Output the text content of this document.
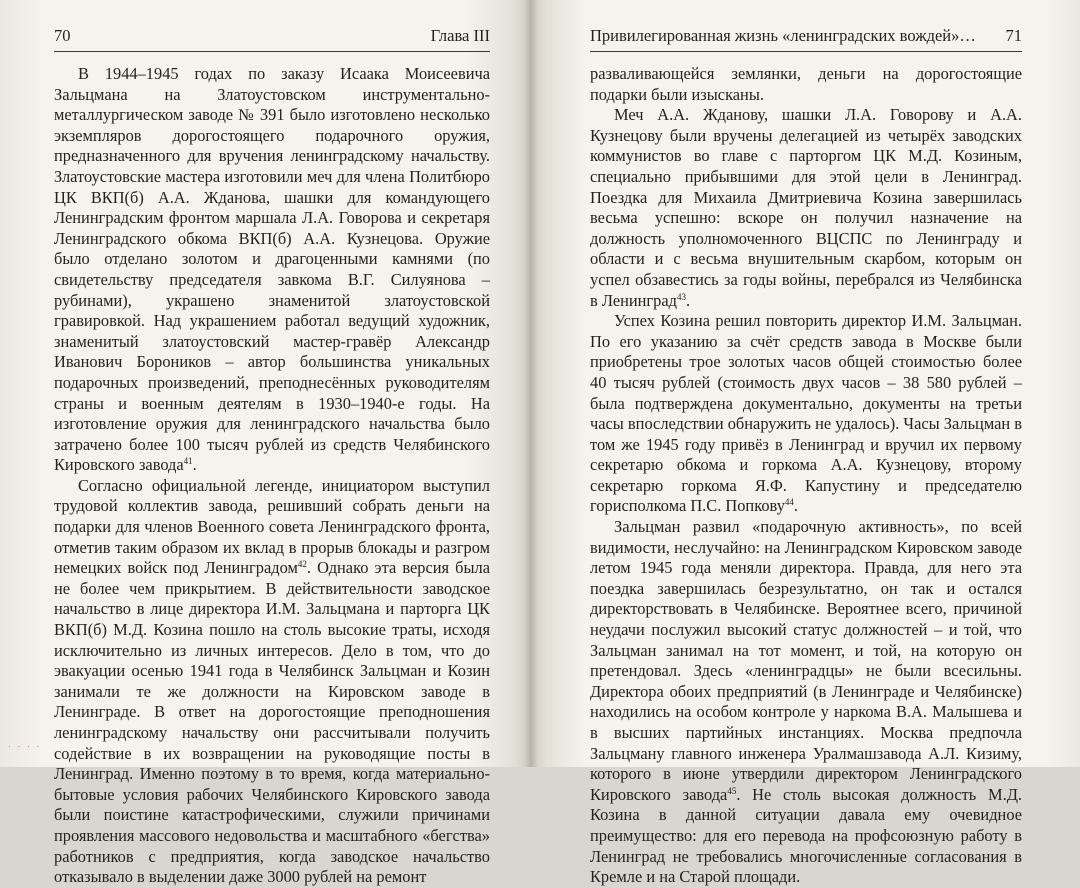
70	Глава III

В 1944–1945 годах по заказу Исаака Моисеевича Зальцмана на Златоустовском инструментально-металлургическом заводе № 391 было изготовлено несколько экземпляров дорогостоящего подарочного оружия, предназначенного для вручения ленинградскому начальству. Златоустовские мастера изготовили меч для члена Политбюро ЦК ВКП(б) А.А. Жданова, шашки для командующего Ленинградским фронтом маршала Л.А. Говорова и секретаря Ленинградского обкома ВКП(б) А.А. Кузнецова. Оружие было отделано золотом и драгоценными камнями (по свидетельству председателя завкома В.Г. Силуянова – рубинами), украшено знаменитой златоустовской гравировкой. Над украшением работал ведущий художник, знаменитый златоустовский мастер-гравёр Александр Иванович Бороников – автор большинства уникальных подарочных произведений, преподнесённых руководителям страны и военным деятелям в 1930–1940-е годы. На изготовление оружия для ленинградского начальства было затрачено более 100 тысяч рублей из средств Челябинского Кировского завода$^{41}$.

Согласно официальной легенде, инициатором выступил трудовой коллектив завода, решивший собрать деньги на подарки для членов Военного совета Ленинградского фронта, отметив таким образом их вклад в прорыв блокады и разгром немецких войск под Ленинградом$^{42}$. Однако эта версия была не более чем прикрытием. В действительности заводское начальство в лице директора И.М. Зальцмана и парторга ЦК ВКП(б) М.Д. Козина пошло на столь высокие траты, исходя исключительно из личных интересов. Дело в том, что до эвакуации осенью 1941 года в Челябинск Зальцман и Козин занимали те же должности на Кировском заводе в Ленинграде. В ответ на дорогостоящие преподношения ленинградскому начальству они рассчитывали получить содействие в их возвращении на руководящие посты в Ленинград. Именно поэтому в то время, когда материально-бытовые условия рабочих Челябинского Кировского завода были поистине катастрофическими, служили причинами проявления массового недовольства и масштабного «бегства» работников с предприятия, когда заводское начальство отказывало в выделении даже 3000 рублей на ремонт

∙ ∙ ∙ ∙
Привилегированная жизнь «ленинградских вождей»… 71

разваливающейся землянки, деньги на дорогостоящие подарки были изысканы.

Меч А.А. Жданову, шашки Л.А. Говорову и А.А. Кузнецову были вручены делегацией из четырёх заводских коммунистов во главе с парторгом ЦК М.Д. Козиным, специально прибывшими для этой цели в Ленинград. Поездка для Михаила Дмитриевича Козина завершилась весьма успешно: вскоре он получил назначение на должность уполномоченного ВЦСПС по Ленинграду и области и с весьма внушительным скарбом, которым он успел обзавестись за годы войны, перебрался из Челябинска в Ленинград$^{43}$.

Успех Козина решил повторить директор И.М. Зальцман. По его указанию за счёт средств завода в Москве были приобретены трое золотых часов общей стоимостью более 40 тысяч рублей (стоимость двух часов – 38 580 рублей – была подтверждена документально, документы на третьи часы впоследствии обнаружить не удалось). Часы Зальцман в том же 1945 году привёз в Ленинград и вручил их первому секретарю обкома и горкома А.А. Кузнецову, второму секретарю горкома Я.Ф. Капустину и председателю горисполкома П.С. Попкову$^{44}$.

Зальцман развил «подарочную активность», по всей видимости, неслучайно: на Ленинградском Кировском заводе летом 1945 года меняли директора. Правда, для него эта поездка завершилась безрезультатно, он так и остался директорствовать в Челябинске. Вероятнее всего, причиной неудачи послужил высокий статус должностей – и той, что Зальцман занимал на тот момент, и той, на которую он претендовал. Здесь «ленинградцы» не были всесильны. Директора обоих предприятий (в Ленинграде и Челябинске) находились на особом контроле у наркома В.А. Малышева и в высших партийных инстанциях. Москва предпочла Зальцману главного инженера Уралмашзавода А.Л. Кизиму, которого в июне утвердили директором Ленинградского Кировского завода$^{45}$. Не столь высокая должность М.Д. Козина в данной ситуации давала ему очевидное преимущество: для его перевода на профсоюзную работу в Ленинград не требовались многочисленные согласования в Кремле и на Старой площади.
